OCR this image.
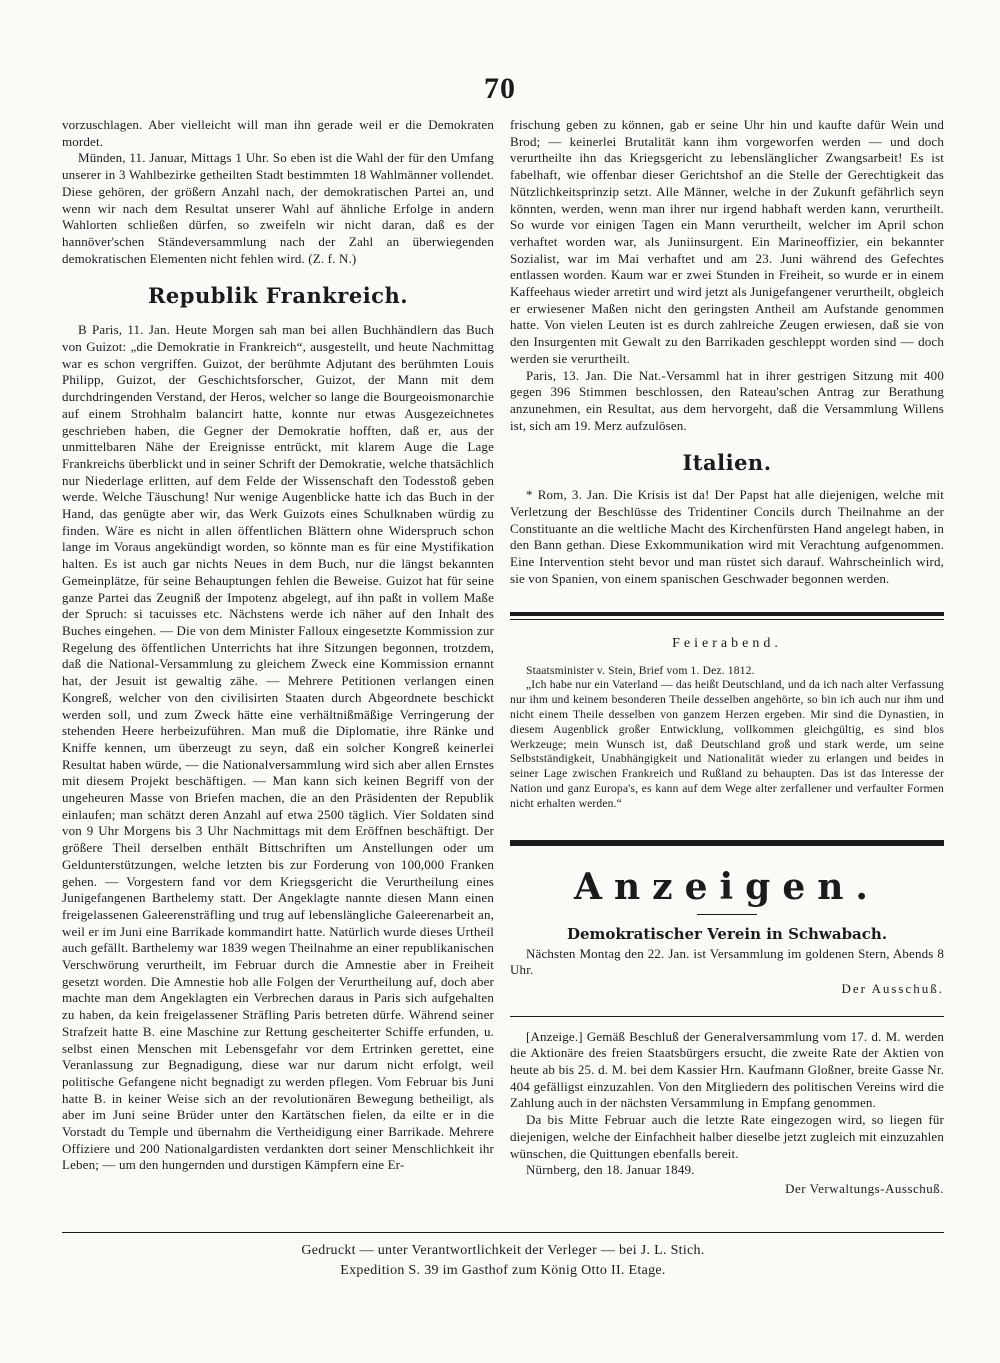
70

vorzuschlagen. Aber vielleicht will man ihn gerade weil er die Demokraten mordet.

Münden, 11. Januar, Mittags 1 Uhr. So eben ist die Wahl der für den Umfang unserer in 3 Wahlbezirke getheilten Stadt bestimmten 18 Wahlmänner vollendet. Diese gehören, der größern Anzahl nach, der demokratischen Partei an, und wenn wir nach dem Resultat unserer Wahl auf ähnliche Erfolge in andern Wahlorten schließen dürfen, so zweifeln wir nicht daran, daß es der hannöver'schen Ständeversammlung nach der Zahl an überwiegenden demokratischen Elementen nicht fehlen wird. (Z. f. N.)

Republik Frankreich.

B Paris, 11. Jan. Heute Morgen sah man bei allen Buchhändlern das Buch von Guizot: „die Demokratie in Frankreich“, ausgestellt, und heute Nachmittag war es schon vergriffen. Guizot, der berühmte Adjutant des berühmten Louis Philipp, Guizot, der Geschichtsforscher, Guizot, der Mann mit dem durchdringenden Verstand, der Heros, welcher so lange die Bourgeoismonarchie auf einem Strohhalm balancirt hatte, konnte nur etwas Ausgezeichnetes geschrieben haben, die Gegner der Demokratie hofften, daß er, aus der unmittelbaren Nähe der Ereignisse entrückt, mit klarem Auge die Lage Frankreichs überblickt und in seiner Schrift der Demokratie, welche thatsächlich nur Niederlage erlitten, auf dem Felde der Wissenschaft den Todesstoß geben werde. Welche Täuschung! Nur wenige Augenblicke hatte ich das Buch in der Hand, das genügte aber wir, das Werk Guizots eines Schulknaben würdig zu finden. Wäre es nicht in allen öffentlichen Blättern ohne Widerspruch schon lange im Voraus angekündigt worden, so könnte man es für eine Mystifikation halten. Es ist auch gar nichts Neues in dem Buch, nur die längst bekannten Gemeinplätze, für seine Behauptungen fehlen die Beweise. Guizot hat für seine ganze Partei das Zeugniß der Impotenz abgelegt, auf ihn paßt in vollem Maße der Spruch: si tacuisses etc. Nächstens werde ich näher auf den Inhalt des Buches eingehen. — Die von dem Minister Falloux eingesetzte Kommission zur Regelung des öffentlichen Unterrichts hat ihre Sitzungen begonnen, trotzdem, daß die National-Versammlung zu gleichem Zweck eine Kommission ernannt hat, der Jesuit ist gewaltig zähe. — Mehrere Petitionen verlangen einen Kongreß, welcher von den civilisirten Staaten durch Abgeordnete beschickt werden soll, und zum Zweck hätte eine verhältnißmäßige Verringerung der stehenden Heere herbeizuführen. Man muß die Diplomatie, ihre Ränke und Kniffe kennen, um überzeugt zu seyn, daß ein solcher Kongreß keinerlei Resultat haben würde, — die Nationalversammlung wird sich aber allen Ernstes mit diesem Projekt beschäftigen. — Man kann sich keinen Begriff von der ungeheuren Masse von Briefen machen, die an den Präsidenten der Republik einlaufen; man schätzt deren Anzahl auf etwa 2500 täglich. Vier Soldaten sind von 9 Uhr Morgens bis 3 Uhr Nachmittags mit dem Eröffnen beschäftigt. Der größere Theil derselben enthält Bittschriften um Anstellungen oder um Geldunterstützungen, welche letzten bis zur Forderung von 100,000 Franken gehen. — Vorgestern fand vor dem Kriegsgericht die Verurtheilung eines Junigefangenen Barthelemy statt. Der Angeklagte nannte diesen Mann einen freigelassenen Galeerensträfling und trug auf lebenslängliche Galeerenarbeit an, weil er im Juni eine Barrikade kommandirt hatte. Natürlich wurde dieses Urtheil auch gefällt. Barthelemy war 1839 wegen Theilnahme an einer republikanischen Verschwörung verurtheilt, im Februar durch die Amnestie aber in Freiheit gesetzt worden. Die Amnestie hob alle Folgen der Verurtheilung auf, doch aber machte man dem Angeklagten ein Verbrechen daraus in Paris sich aufgehalten zu haben, da kein freigelassener Sträfling Paris betreten dürfe. Während seiner Strafzeit hatte B. eine Maschine zur Rettung gescheiterter Schiffe erfunden, u. selbst einen Menschen mit Lebensgefahr vor dem Ertrinken gerettet, eine Veranlassung zur Begnadigung, diese war nur darum nicht erfolgt, weil politische Gefangene nicht begnadigt zu werden pflegen. Vom Februar bis Juni hatte B. in keiner Weise sich an der revolutionären Bewegung betheiligt, als aber im Juni seine Brüder unter den Kartätschen fielen, da eilte er in die Vorstadt du Temple und übernahm die Vertheidigung einer Barrikade. Mehrere Offiziere und 200 Nationalgardisten verdankten dort seiner Menschlichkeit ihr Leben; — um den hungernden und durstigen Kämpfern eine Er-

frischung geben zu können, gab er seine Uhr hin und kaufte dafür Wein und Brod; — keinerlei Brutalität kann ihm vorgeworfen werden — und doch verurtheilte ihn das Kriegsgericht zu lebenslänglicher Zwangsarbeit! Es ist fabelhaft, wie offenbar dieser Gerichtshof an die Stelle der Gerechtigkeit das Nützlichkeitsprinzip setzt. Alle Männer, welche in der Zukunft gefährlich seyn könnten, werden, wenn man ihrer nur irgend habhaft werden kann, verurtheilt. So wurde vor einigen Tagen ein Mann verurtheilt, welcher im April schon verhaftet worden war, als Juniinsurgent. Ein Marineoffizier, ein bekannter Sozialist, war im Mai verhaftet und am 23. Juni während des Gefechtes entlassen worden. Kaum war er zwei Stunden in Freiheit, so wurde er in einem Kaffeehaus wieder arretirt und wird jetzt als Junigefangener verurtheilt, obgleich er erwiesener Maßen nicht den geringsten Antheil am Aufstande genommen hatte. Von vielen Leuten ist es durch zahlreiche Zeugen erwiesen, daß sie von den Insurgenten mit Gewalt zu den Barrikaden geschleppt worden sind — doch werden sie verurtheilt.

Paris, 13. Jan. Die Nat.-Versamml hat in ihrer gestrigen Sitzung mit 400 gegen 396 Stimmen beschlossen, den Rateau'schen Antrag zur Berathung anzunehmen, ein Resultat, aus dem hervorgeht, daß die Versammlung Willens ist, sich am 19. Merz aufzulösen.

Italien.

* Rom, 3. Jan. Die Krisis ist da! Der Papst hat alle diejenigen, welche mit Verletzung der Beschlüsse des Tridentiner Concils durch Theilnahme an der Constituante an die weltliche Macht des Kirchenfürsten Hand angelegt haben, in den Bann gethan. Diese Exkommunikation wird mit Verachtung aufgenommen. Eine Intervention steht bevor und man rüstet sich darauf. Wahrscheinlich wird, sie von Spanien, von einem spanischen Geschwader begonnen werden.

Feierabend.

Staatsminister v. Stein, Brief vom 1. Dez. 1812.

„Ich habe nur ein Vaterland — das heißt Deutschland, und da ich nach alter Verfassung nur ihm und keinem besonderen Theile desselben angehörte, so bin ich auch nur ihm und nicht einem Theile desselben von ganzem Herzen ergeben. Mir sind die Dynastien, in diesem Augenblick großer Entwicklung, vollkommen gleichgültig, es sind blos Werkzeuge; mein Wunsch ist, daß Deutschland groß und stark werde, um seine Selbstständigkeit, Unabhängigkeit und Nationalität wieder zu erlangen und beides in seiner Lage zwischen Frankreich und Rußland zu behaupten. Das ist das Interesse der Nation und ganz Europa's, es kann auf dem Wege alter zerfallener und verfaulter Formen nicht erhalten werden.“

Anzeigen.
Demokratischer Verein in Schwabach.

Nächsten Montag den 22. Jan. ist Versammlung im goldenen Stern, Abends 8 Uhr.

Der Ausschuß.

[Anzeige.] Gemäß Beschluß der Generalversammlung vom 17. d. M. werden die Aktionäre des freien Staatsbürgers ersucht, die zweite Rate der Aktien von heute ab bis 25. d. M. bei dem Kassier Hrn. Kaufmann Gloßner, breite Gasse Nr. 404 gefälligst einzuzahlen. Von den Mitgliedern des politischen Vereins wird die Zahlung auch in der nächsten Versammlung in Empfang genommen.

Da bis Mitte Februar auch die letzte Rate eingezogen wird, so liegen für diejenigen, welche der Einfachheit halber dieselbe jetzt zugleich mit einzuzahlen wünschen, die Quittungen ebenfalls bereit.

Nürnberg, den 18. Januar 1849.

Der Verwaltungs-Ausschuß.

Gedruckt — unter Verantwortlichkeit der Verleger — bei J. L. Stich.

Expedition S. 39 im Gasthof zum König Otto II. Etage.
